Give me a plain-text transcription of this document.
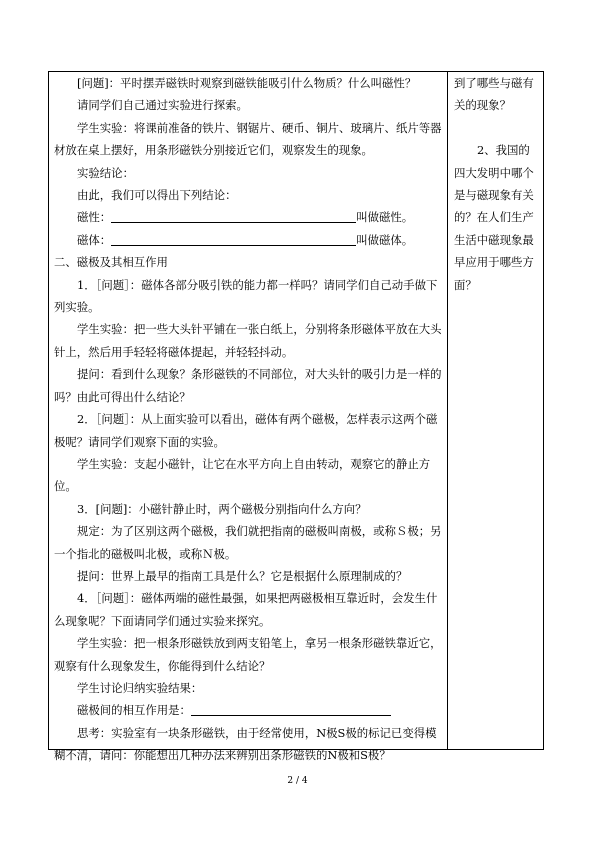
[问题]：平时摆弄磁铁时观察到磁铁能吸引什么物质？什么叫磁性？

请同学们自己通过实验进行探索。

学生实验：将课前准备的铁片、钢锯片、硬币、铜片、玻璃片、纸片等器材放在桌上摆好，用条形磁铁分别接近它们，观察发生的现象。

实验结论：

由此，我们可以得出下列结论：

磁性：	叫做磁性。

磁体：	叫做磁体。

二、磁极及其相互作用

1．［问题］：磁体各部分吸引铁的能力都一样吗？请同学们自己动手做下列实验。

学生实验：把一些大头针平铺在一张白纸上，分别将条形磁体平放在大头针上，然后用手轻轻将磁体提起，并轻轻抖动。

提问：看到什么现象？条形磁铁的不同部位，对大头针的吸引力是一样的吗？由此可得出什么结论？

2．［问题］：从上面实验可以看出，磁体有两个磁极，怎样表示这两个磁极呢？请同学们观察下面的实验。

学生实验：支起小磁针，让它在水平方向上自由转动，观察它的静止方位。

3．[问题]：小磁针静止时，两个磁极分别指向什么方向？

规定：为了区别这两个磁极，我们就把指南的磁极叫南极，或称Ｓ极；另一个指北的磁极叫北极，或称Ｎ极。

提问：世界上最早的指南工具是什么？它是根据什么原理制成的？

4．［问题］：磁体两端的磁性最强，如果把两磁极相互靠近时，会发生什么现象呢？下面请同学们通过实验来探究。

学生实验：把一根条形磁铁放到两支铅笔上，拿另一根条形磁铁靠近它，观察有什么现象发生，你能得到什么结论？

学生讨论归纳实验结果：

磁极间的相互作用是：

思考：实验室有一块条形磁铁，由于经常使用，N极S极的标记已变得模糊不清，请问：你能想出几种办法来辨别出条形磁铁的N极和S极？

到了哪些与磁有关的现象？

2、我国的四大发明中哪个是与磁现象有关的？在人们生产生活中磁现象最早应用于哪些方面？

2 / 4
